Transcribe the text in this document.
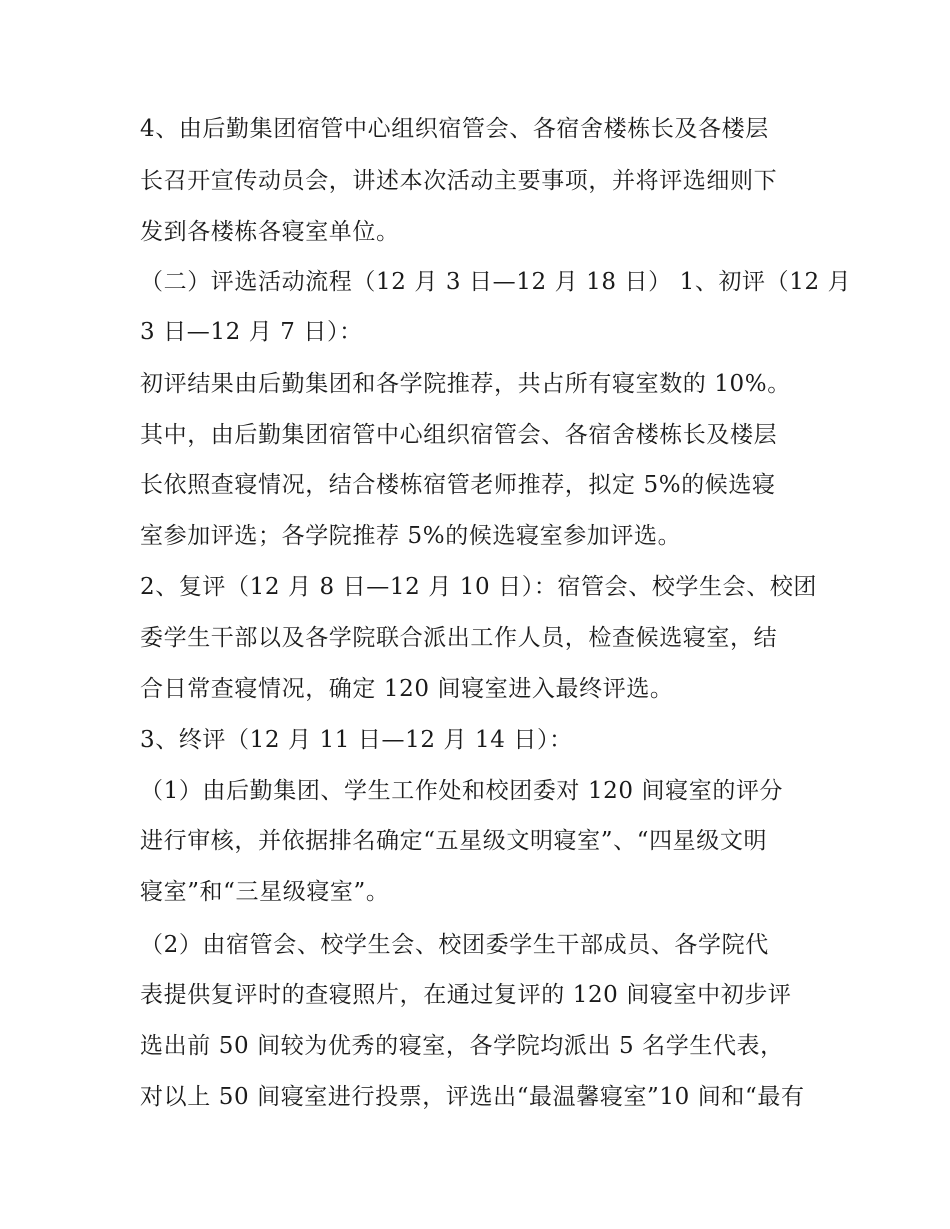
4、由后勤集团宿管中心组织宿管会、各宿舍楼栋长及各楼层

长召开宣传动员会，讲述本次活动主要事项，并将评选细则下

发到各楼栋各寝室单位。

（二）评选活动流程（12 月 3 日—12 月 18 日） 1、初评（12 月

3 日—12 月 7 日）：

初评结果由后勤集团和各学院推荐，共占所有寝室数的 10%。

其中，由后勤集团宿管中心组织宿管会、各宿舍楼栋长及楼层

长依照查寝情况，结合楼栋宿管老师推荐，拟定 5%的候选寝

室参加评选；各学院推荐 5%的候选寝室参加评选。

2、复评（12 月 8 日—12 月 10 日）：宿管会、校学生会、校团

委学生干部以及各学院联合派出工作人员，检查候选寝室，结

合日常查寝情况，确定 120 间寝室进入最终评选。

3、终评（12 月 11 日—12 月 14 日）：

（1）由后勤集团、学生工作处和校团委对 120 间寝室的评分

进行审核，并依据排名确定“五星级文明寝室”、“四星级文明

寝室”和“三星级寝室”。

（2）由宿管会、校学生会、校团委学生干部成员、各学院代

表提供复评时的查寝照片，在通过复评的 120 间寝室中初步评

选出前 50 间较为优秀的寝室，各学院均派出 5 名学生代表，

对以上 50 间寝室进行投票，评选出“最温馨寝室”10 间和“最有
